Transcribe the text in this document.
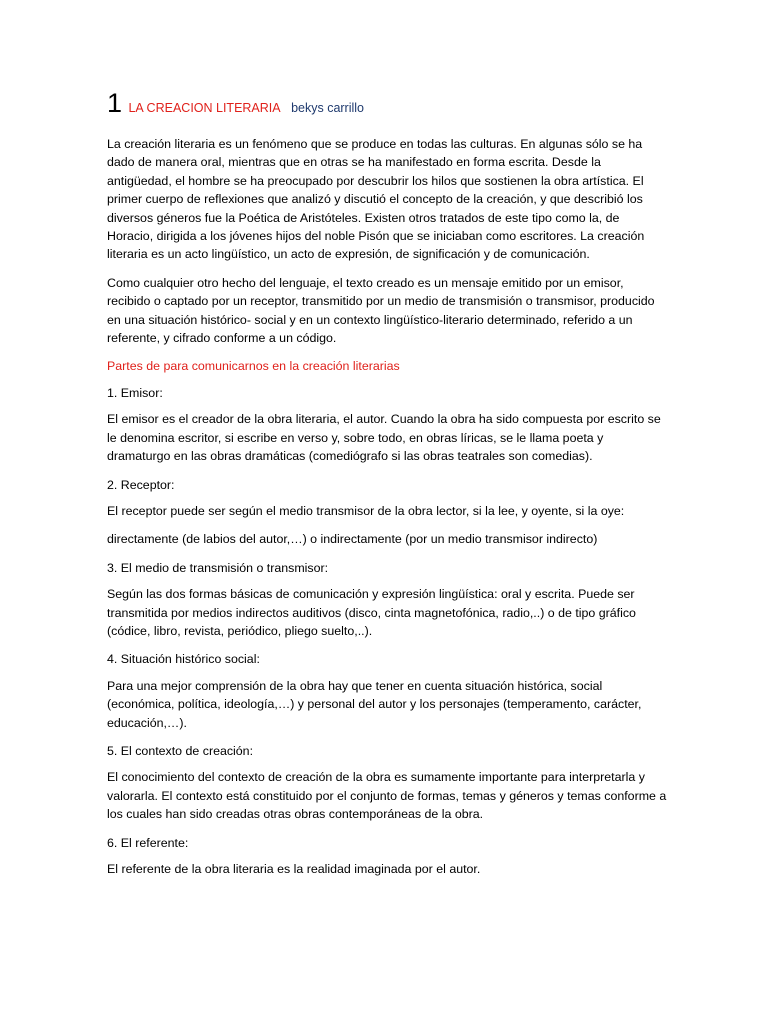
1 LA CREACION LITERARIA bekys carrillo

La creación literaria es un fenómeno que se produce en todas las culturas. En algunas sólo se ha dado de manera oral, mientras que en otras se ha manifestado en forma escrita. Desde la antigüedad, el hombre se ha preocupado por descubrir los hilos que sostienen la obra artística. El primer cuerpo de reflexiones que analizó y discutió el concepto de la creación, y que describió los diversos géneros fue la Poética de Aristóteles. Existen otros tratados de este tipo como la, de Horacio, dirigida a los jóvenes hijos del noble Pisón que se iniciaban como escritores. La creación literaria es un acto lingüístico, un acto de expresión, de significación y de comunicación.

Como cualquier otro hecho del lenguaje, el texto creado es un mensaje emitido por un emisor, recibido o captado por un receptor, transmitido por un medio de transmisión o transmisor, producido en una situación histórico- social y en un contexto lingüístico-literario determinado, referido a un referente, y cifrado conforme a un código.

Partes de para comunicarnos en la creación literarias

1. Emisor:

El emisor es el creador de la obra literaria, el autor. Cuando la obra ha sido compuesta por escrito se le denomina escritor, si escribe en verso y, sobre todo, en obras líricas, se le llama poeta y dramaturgo en las obras dramáticas (comediógrafo si las obras teatrales son comedias).

2. Receptor:

El receptor puede ser según el medio transmisor de la obra lector, si la lee, y oyente, si la oye:

directamente (de labios del autor,…) o indirectamente (por un medio transmisor indirecto)

3. El medio de transmisión o transmisor:

Según las dos formas básicas de comunicación y expresión lingüística: oral y escrita. Puede ser transmitida por medios indirectos auditivos (disco, cinta magnetofónica, radio,..) o de tipo gráfico (códice, libro, revista, periódico, pliego suelto,..).

4. Situación histórico social:

Para una mejor comprensión de la obra hay que tener en cuenta situación histórica, social (económica, política, ideología,…) y personal del autor y los personajes (temperamento, carácter, educación,…).

5. El contexto de creación:

El conocimiento del contexto de creación de la obra es sumamente importante para interpretarla y valorarla. El contexto está constituido por el conjunto de formas, temas y géneros y temas conforme a los cuales han sido creadas otras obras contemporáneas de la obra.

6. El referente:

El referente de la obra literaria es la realidad imaginada por el autor.
